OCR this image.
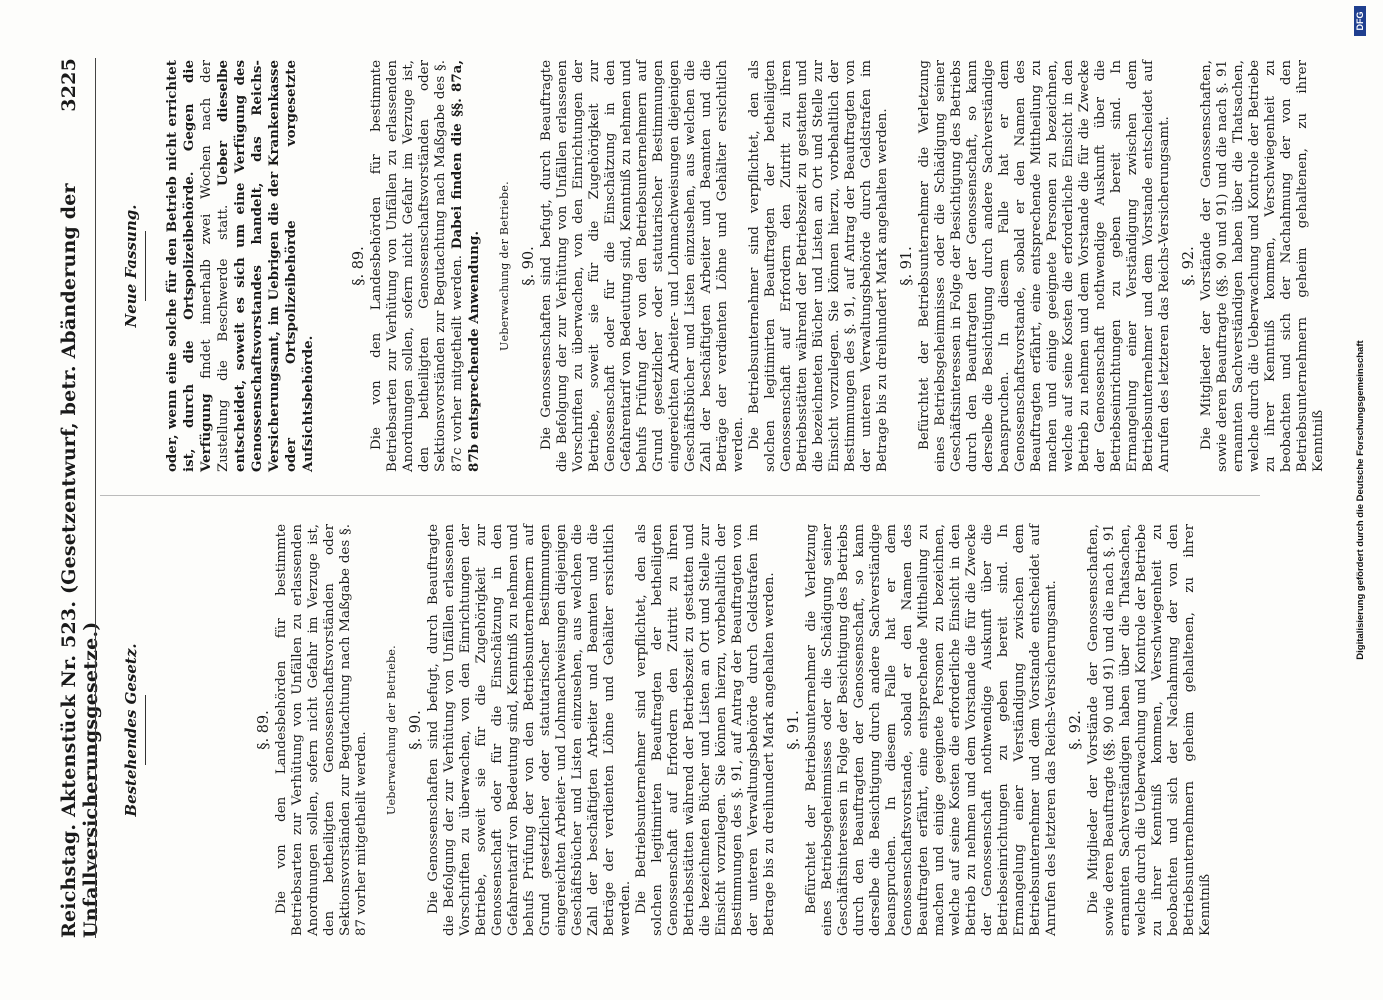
Reichstag. Aktenstück Nr. 523. (Gesetzentwurf, betr. Abänderung der Unfallversicherungsgesetze.)
3225
Bestehendes Gesetz.	§. 89. Die von den Landesbehörden für bestimmte Betriebsarten zur Verhütung von Unfällen zu erlassenden Anordnungen sollen, sofern nicht Gefahr im Verzuge ist, den betheiligten Genossenschaftsvorständen oder Sektionsvorständen zur Begutachtung nach Maßgabe des §. 87 vorher mitgetheilt werden.

Ueberwachung der Betriebe. §. 90. Die Genossenschaften sind befugt, durch Beauftragte die Befolgung der zur Verhütung von Unfällen erlassenen Vorschriften zu überwachen, von den Einrichtungen der Betriebe, soweit sie für die Zugehörigkeit zur Genossenschaft oder für die Einschätzung in den Gefahrentarif von Bedeutung sind, Kenntniß zu nehmen und behufs Prüfung der von den Betriebsunternehmern auf Grund gesetzlicher oder statutarischer Bestimmungen eingereichten Arbeiter- und Lohnnachweisungen diejenigen Geschäftsbücher und Listen einzusehen, aus welchen die Zahl der beschäftigten Arbeiter und Beamten und die Beträge der verdienten Löhne und Gehälter ersichtlich werden. Die Betriebsunternehmer sind verpflichtet, den als solchen legitimirten Beauftragten der betheiligten Genossenschaft auf Erfordern den Zutritt zu ihren Betriebsstätten während der Betriebszeit zu gestatten und die bezeichneten Bücher und Listen an Ort und Stelle zur Einsicht vorzulegen. Sie können hierzu, vorbehaltlich der Bestimmungen des §. 91, auf Antrag der Beauftragten von der unteren Verwaltungsbehörde durch Geldstrafen im Betrage bis zu dreihundert Mark angehalten werden. §. 91. Befürchtet der Betriebsunternehmer die Verletzung eines Betriebsgeheimnisses oder die Schädigung seiner Geschäftsinteressen in Folge der Besichtigung des Betriebs durch den Beauftragten der Genossenschaft, so kann derselbe die Besichtigung durch andere Sachverständige beanspruchen. In diesem Falle hat er dem Genossenschaftsvorstande, sobald er den Namen des Beauftragten erfährt, eine entsprechende Mittheilung zu machen und einige geeignete Personen zu bezeichnen, welche auf seine Kosten die erforderliche Einsicht in den Betrieb zu nehmen und dem Vorstande die für die Zwecke der Genossenschaft nothwendige Auskunft über die Betriebseinrichtungen zu geben bereit sind. In Ermangelung einer Verständigung zwischen dem Betriebsunternehmer und dem Vorstande entscheidet auf Anrufen des letzteren das Reichs-Versicherungsamt. §. 92. Die Mitglieder der Vorstände der Genossenschaften, sowie deren Beauftragte (§§. 90 und 91) und die nach §. 91 ernannten Sachverständigen haben über die Thatsachen, welche durch die Ueberwachung und Kontrole der Betriebe zu ihrer Kenntniß kommen, Verschwiegenheit zu beobachten und sich der Nachahmung der von den Betriebsunternehmern geheim gehaltenen, zu ihrer Kenntniß

Neue Fassung. oder, wenn eine solche für den Betrieb nicht errichtet ist, durch die Ortspolizeibehörde. Gegen die Verfügung findet innerhalb zwei Wochen nach der Zustellung die Beschwerde statt. Ueber dieselbe entscheidet, soweit es sich um eine Verfügung des Genossenschaftsvorstandes handelt, das Reichs-Versicherungsamt, im Uebrigen die der Krankenkasse oder Ortspolizeibehörde vorgesetzte Aufsichtsbehörde.

§. 89. Die von den Landesbehörden für bestimmte Betriebsarten zur Verhütung von Unfällen zu erlassenden Anordnungen sollen, sofern nicht Gefahr im Verzuge ist, den betheiligten Genossenschaftsvorständen oder Sektionsvorständen zur Begutachtung nach Maßgabe des §. 87c vorher mitgetheilt werden. Dabei finden die §§. 87a, 87b entsprechende Anwendung. Ueberwachung der Betriebe. §. 90. Die Genossenschaften sind befugt, durch Beauftragte die Befolgung der zur Verhütung von Unfällen erlassenen Vorschriften zu überwachen, von den Einrichtungen der Betriebe, soweit sie für die Zugehörigkeit zur Genossenschaft oder für die Einschätzung in den Gefahrentarif von Bedeutung sind, Kenntniß zu nehmen und behufs Prüfung der von den Betriebsunternehmern auf Grund gesetzlicher oder statutarischer Bestimmungen eingereichten Arbeiter- und Lohnnachweisungen diejenigen Geschäftsbücher und Listen einzusehen, aus welchen die Zahl der beschäftigten Arbeiter und Beamten und die Beträge der verdienten Löhne und Gehälter ersichtlich werden. Die Betriebsunternehmer sind verpflichtet, den als solchen legitimirten Beauftragten der betheiligten Genossenschaft auf Erfordern den Zutritt zu ihren Betriebsstätten während der Betriebszeit zu gestatten und die bezeichneten Bücher und Listen an Ort und Stelle zur Einsicht vorzulegen. Sie können hierzu, vorbehaltlich der Bestimmungen des §. 91, auf Antrag der Beauftragten von der unteren Verwaltungsbehörde durch Geldstrafen im Betrage bis zu dreihundert Mark angehalten werden. §. 91. Befürchtet der Betriebsunternehmer die Verletzung eines Betriebsgeheimnisses oder die Schädigung seiner Geschäftsinteressen in Folge der Besichtigung des Betriebs durch den Beauftragten der Genossenschaft, so kann derselbe die Besichtigung durch andere Sachverständige beanspruchen. In diesem Falle hat er dem Genossenschaftsvorstande, sobald er den Namen des Beauftragten erfährt, eine entsprechende Mittheilung zu machen und einige geeignete Personen zu bezeichnen, welche auf seine Kosten die erforderliche Einsicht in den Betrieb zu nehmen und dem Vorstande die für die Zwecke der Genossenschaft nothwendige Auskunft über die Betriebseinrichtungen zu geben bereit sind. In Ermangelung einer Verständigung zwischen dem Betriebsunternehmer und dem Vorstande entscheidet auf Anrufen des letzteren das Reichs-Versicherungsamt. §. 92. Die Mitglieder der Vorstände der Genossenschaften, sowie deren Beauftragte (§§. 90 und 91) und die nach §. 91 ernannten Sachverständigen haben über die Thatsachen, welche durch die Ueberwachung und Kontrole der Betriebe zu ihrer Kenntniß kommen, Verschwiegenheit zu beobachten und sich der Nachahmung der von den Betriebsunternehmern geheim gehaltenen, zu ihrer Kenntniß	Digitalisierung gefördert durch die Deutsche Forschungsgemeinschaft
DFG
